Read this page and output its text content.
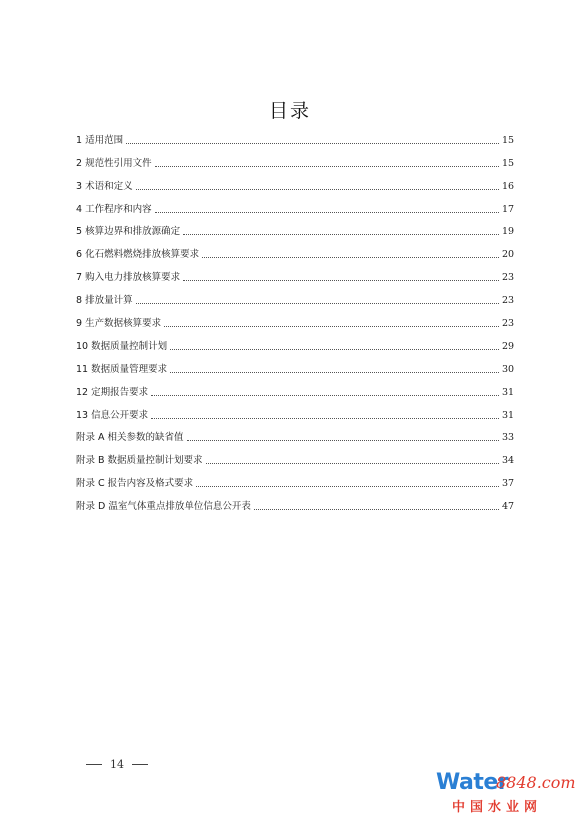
目录
1 适用范围	15
2 规范性引用文件	15
3 术语和定义	16
4 工作程序和内容	17
5 核算边界和排放源确定	19
6 化石燃料燃烧排放核算要求	20
7 购入电力排放核算要求	23
8 排放量计算	23
9 生产数据核算要求	23
10 数据质量控制计划	29
11 数据质量管理要求	30
12 定期报告要求	31
13 信息公开要求	31
附录 A 相关参数的缺省值	33
附录 B 数据质量控制计划要求	34
附录 C 报告内容及格式要求	37
附录 D 温室气体重点排放单位信息公开表	47
14
Water
8848.com
中国水业网
